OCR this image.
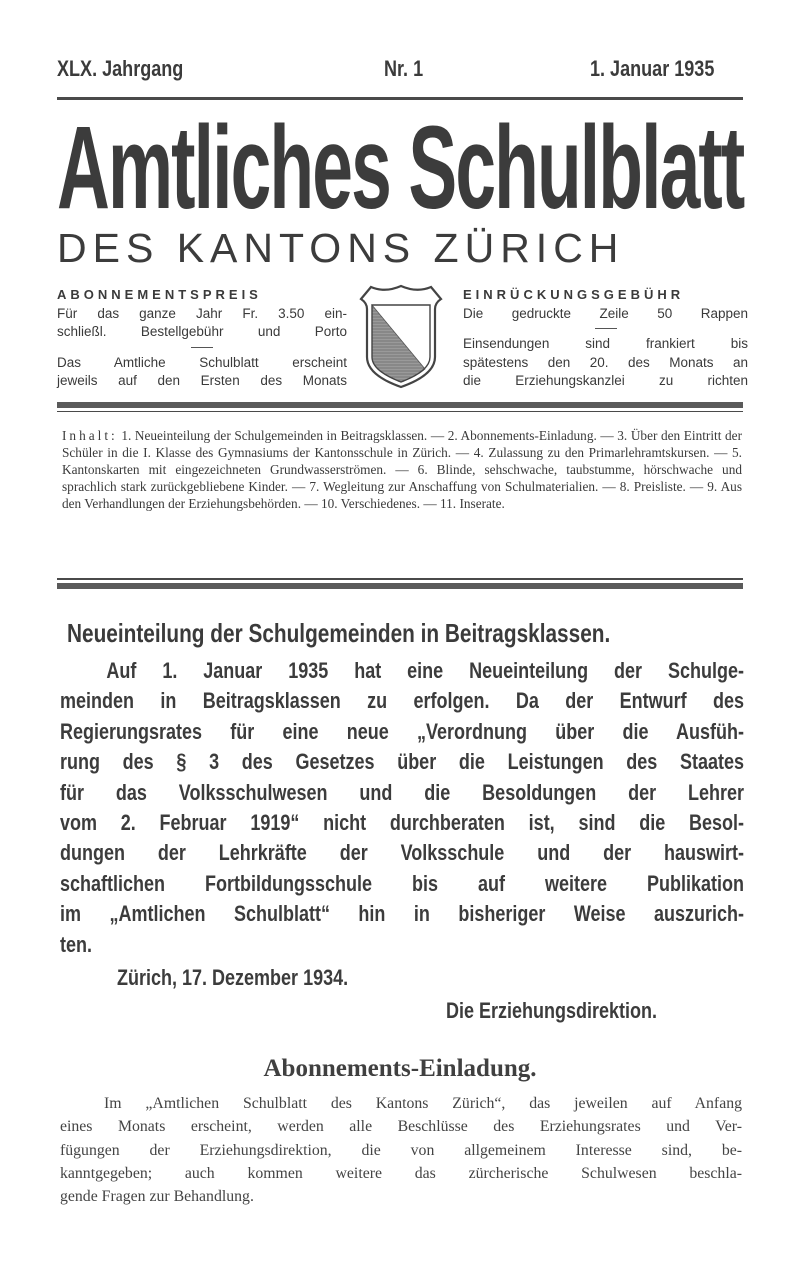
XLX. Jahrgang	Nr. 1	1. Januar 1935
Amtliches Schulblatt
DES KANTONS ZÜRICH
ABONNEMENTSPREIS
Für das ganze Jahr Fr. 3.50 ein-
schließl. Bestellgebühr und Porto
Das Amtliche Schulblatt erscheint
jeweils auf den Ersten des Monats
EINRÜCKUNGSGEBÜHR
Die gedruckte Zeile 50 Rappen
Einsendungen sind frankiert bis
spätestens den 20. des Monats an
die Erziehungskanzlei zu richten
Inhalt: 1. Neueinteilung der Schulgemeinden in Beitragsklassen. — 2. Abonnements-Einladung. — 3. Über den Eintritt der Schüler in die I. Klasse des Gymnasiums der Kantonsschule in Zürich. — 4. Zulassung zu den Primarlehramtskursen. — 5. Kantonskarten mit eingezeichneten Grundwasserströmen. — 6. Blinde, sehschwache, taubstumme, hörschwache und sprachlich stark zurückgebliebene Kinder. — 7. Wegleitung zur Anschaffung von Schulmaterialien. — 8. Preisliste. — 9. Aus den Verhandlungen der Erziehungsbehörden. — 10. Verschiedenes. — 11. Inserate.
Neueinteilung der Schulgemeinden in Beitragsklassen.
Auf 1. Januar 1935 hat eine Neueinteilung der Schulge-
meinden in Beitragsklassen zu erfolgen. Da der Entwurf des
Regierungsrates für eine neue „Verordnung über die Ausfüh-
rung des § 3 des Gesetzes über die Leistungen des Staates
für das Volksschulwesen und die Besoldungen der Lehrer
vom 2. Februar 1919“ nicht durchberaten ist, sind die Besol-
dungen der Lehrkräfte der Volksschule und der hauswirt-
schaftlichen Fortbildungsschule bis auf weitere Publikation
im „Amtlichen Schulblatt“ hin in bisheriger Weise auszurich-
ten.
Zürich, 17. Dezember 1934.
Die Erziehungsdirektion.
Abonnements-Einladung.
Im „Amtlichen Schulblatt des Kantons Zürich“, das jeweilen auf Anfang
eines Monats erscheint, werden alle Beschlüsse des Erziehungsrates und Ver-
fügungen der Erziehungsdirektion, die von allgemeinem Interesse sind, be-
kanntgegeben; auch kommen weitere das zürcherische Schulwesen beschla-
gende Fragen zur Behandlung.
